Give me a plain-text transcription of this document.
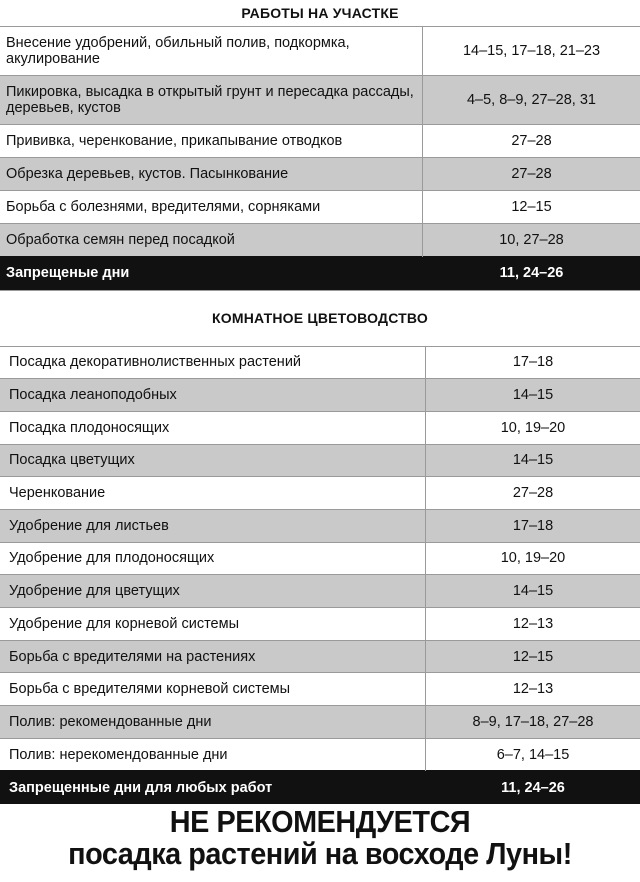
РАБОТЫ НА УЧАСТКЕ
Внесение удобрений, обильный полив, подкормка, акулирование	14–15, 17–18, 21–23
Пикировка, высадка в открытый грунт и пересадка рассады, деревьев, кустов	4–5, 8–9, 27–28, 31
Прививка, черенкование, прикапывание отводков	27–28
Обрезка деревьев, кустов. Пасынкование	27–28
Борьба с болезнями, вредителями, сорняками	12–15
Обработка семян перед посадкой	10, 27–28
Запрещеные дни	11, 24–26
КОМНАТНОЕ ЦВЕТОВОДСТВО
Посадка декоративнолиственных растений	17–18
Посадка леаноподобных	14–15
Посадка плодоносящих	10, 19–20
Посадка цветущих	14–15
Черенкование	27–28
Удобрение для листьев	17–18
Удобрение для плодоносящих	10, 19–20
Удобрение для цветущих	14–15
Удобрение для корневой системы	12–13
Борьба с вредителями на растениях	12–15
Борьба с вредителями корневой системы	12–13
Полив: рекомендованные дни	8–9, 17–18, 27–28
Полив: нерекомендованные дни	6–7, 14–15
Запрещенные дни для любых работ	11, 24–26
НЕ РЕКОМЕНДУЕТСЯ
посадка растений на восходе Луны!
